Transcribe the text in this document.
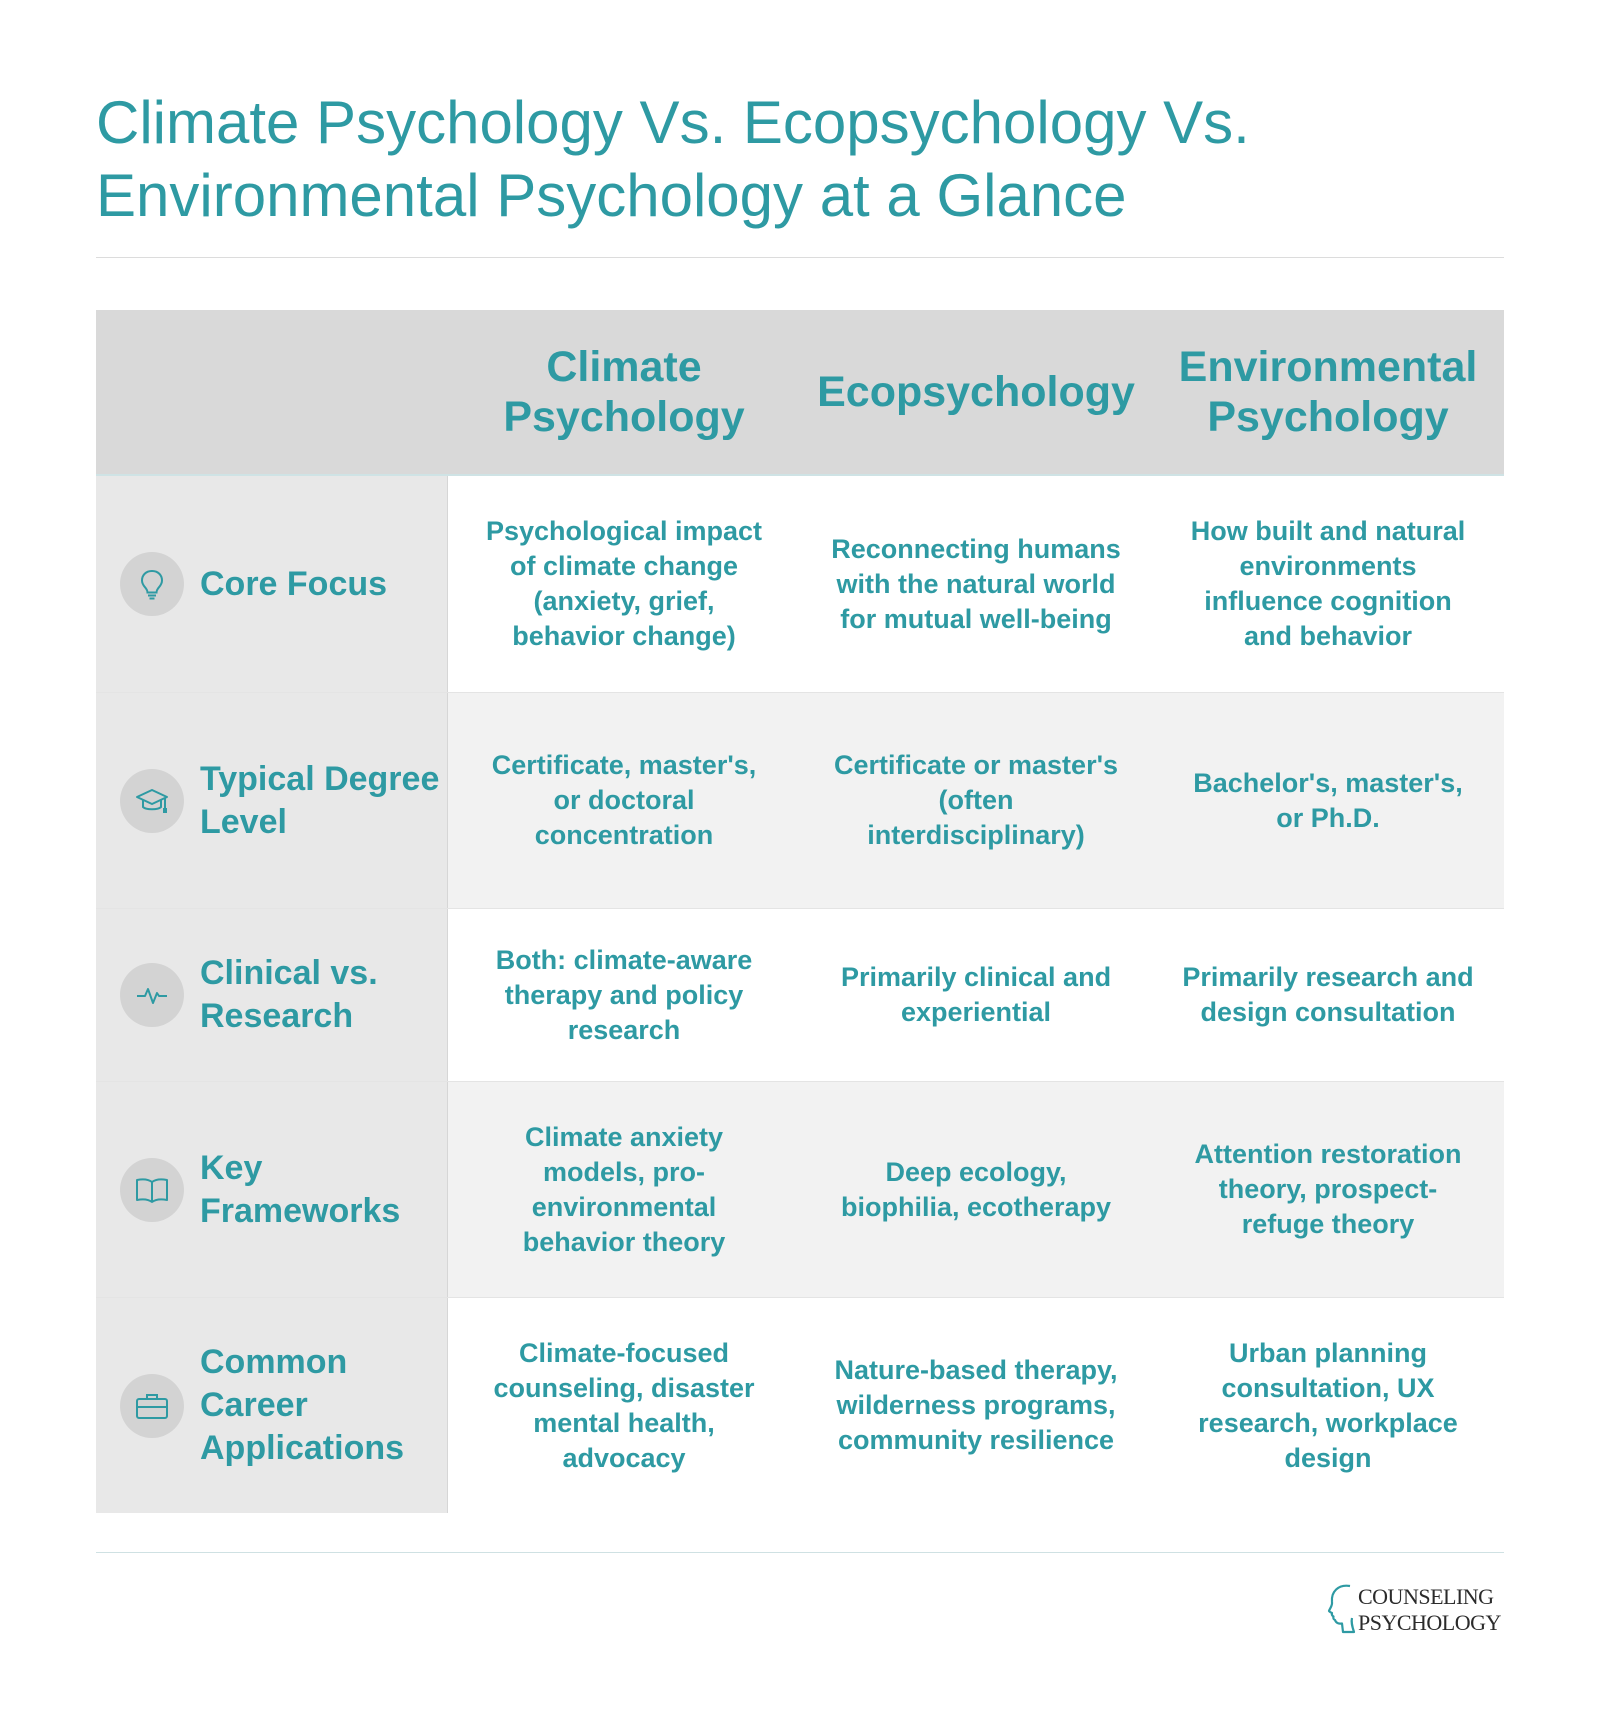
Climate Psychology Vs. Ecopsychology Vs.
Environmental Psychology at a Glance
Climate
Psychology
Ecopsychology
Environmental
Psychology
Core Focus
Psychological impact of climate change (anxiety, grief, behavior change)
Reconnecting humans with the natural world for mutual well-being
How built and natural environments influence cognition and behavior
Typical Degree Level
Certificate, master's, or doctoral concentration
Certificate or master's (often interdisciplinary)
Bachelor's, master's, or Ph.D.
Clinical vs. Research
Both: climate-aware therapy and policy research
Primarily clinical and experiential
Primarily research and design consultation
Key Frameworks
Climate anxiety models, pro-environmental behavior theory
Deep ecology, biophilia, ecotherapy
Attention restoration theory, prospect-refuge theory
Common Career Applications
Climate-focused counseling, disaster mental health, advocacy
Nature-based therapy, wilderness programs, community resilience
Urban planning consultation, UX research, workplace design
COUNSELING
PSYCHOLOGY
